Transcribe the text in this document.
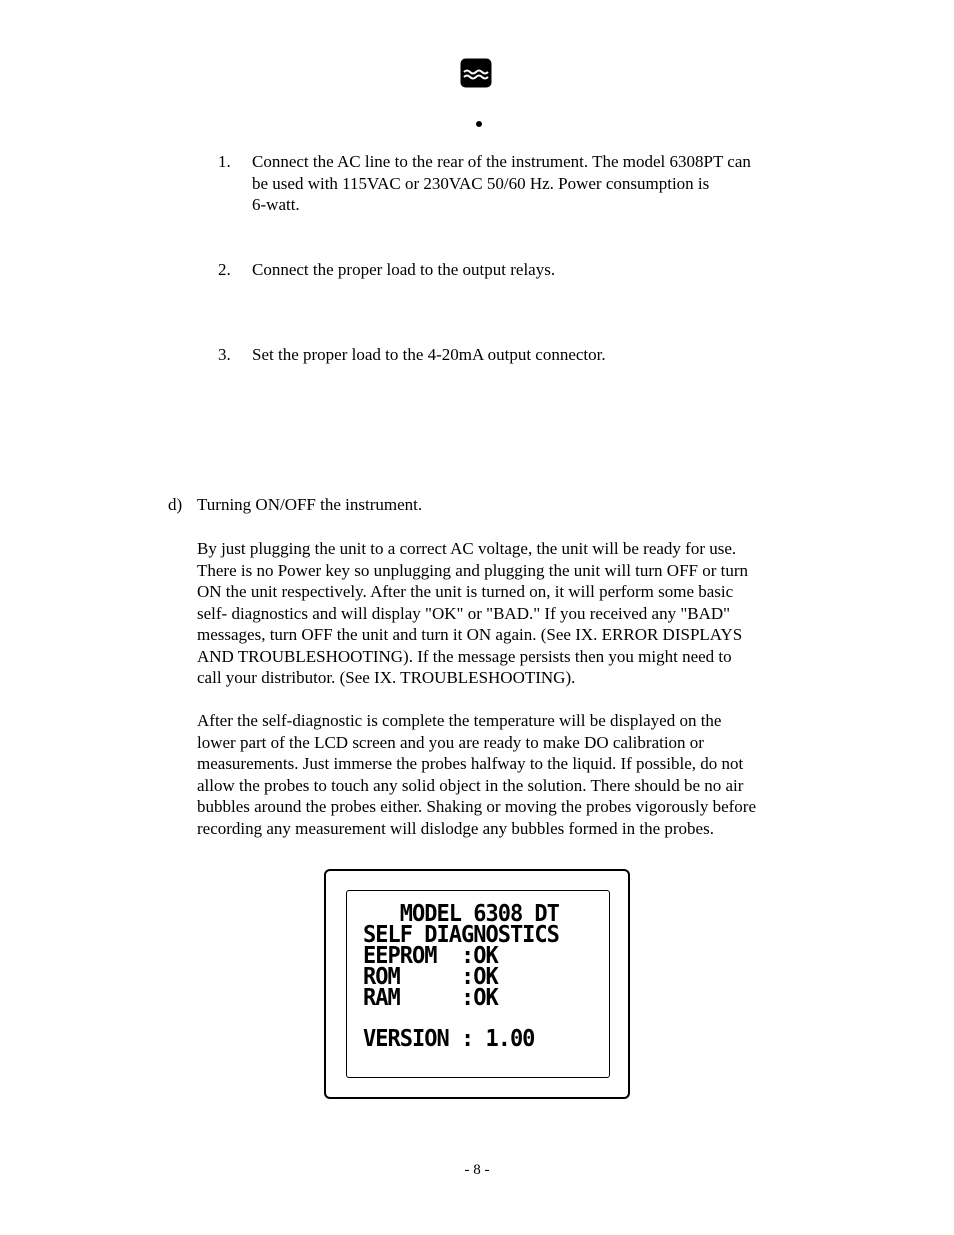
1. Connect the AC line to the rear of the instrument. The model 6308PT can
be used with 115VAC or 230VAC 50/60 Hz. Power consumption is
6-watt.
2. Connect the proper load to the output relays.
3. Set the proper load to the 4-20mA output connector.
d) Turning ON/OFF the instrument.
By just plugging the unit to a correct AC voltage, the unit will be ready for use.
There is no Power key so unplugging and plugging the unit will turn OFF or turn
ON the unit respectively. After the unit is turned on, it will perform some basic
self- diagnostics and will display "OK" or "BAD." If you received any "BAD"
messages, turn OFF the unit and turn it ON again. (See IX. ERROR DISPLAYS
AND TROUBLESHOOTING). If the message persists then you might need to
call your distributor. (See IX. TROUBLESHOOTING).
After the self-diagnostic is complete the temperature will be displayed on the
lower part of the LCD screen and you are ready to make DO calibration or
measurements. Just immerse the probes halfway to the liquid. If possible, do not
allow the probes to touch any solid object in the solution. There should be no air
bubbles around the probes either. Shaking or moving the probes vigorously before
recording any measurement will dislodge any bubbles formed in the probes.
MODEL 6308 DT
SELF DIAGNOSTICS
EEPROM  :OK
ROM     :OK
RAM     :OK
VERSION : 1.00
- 8 -
